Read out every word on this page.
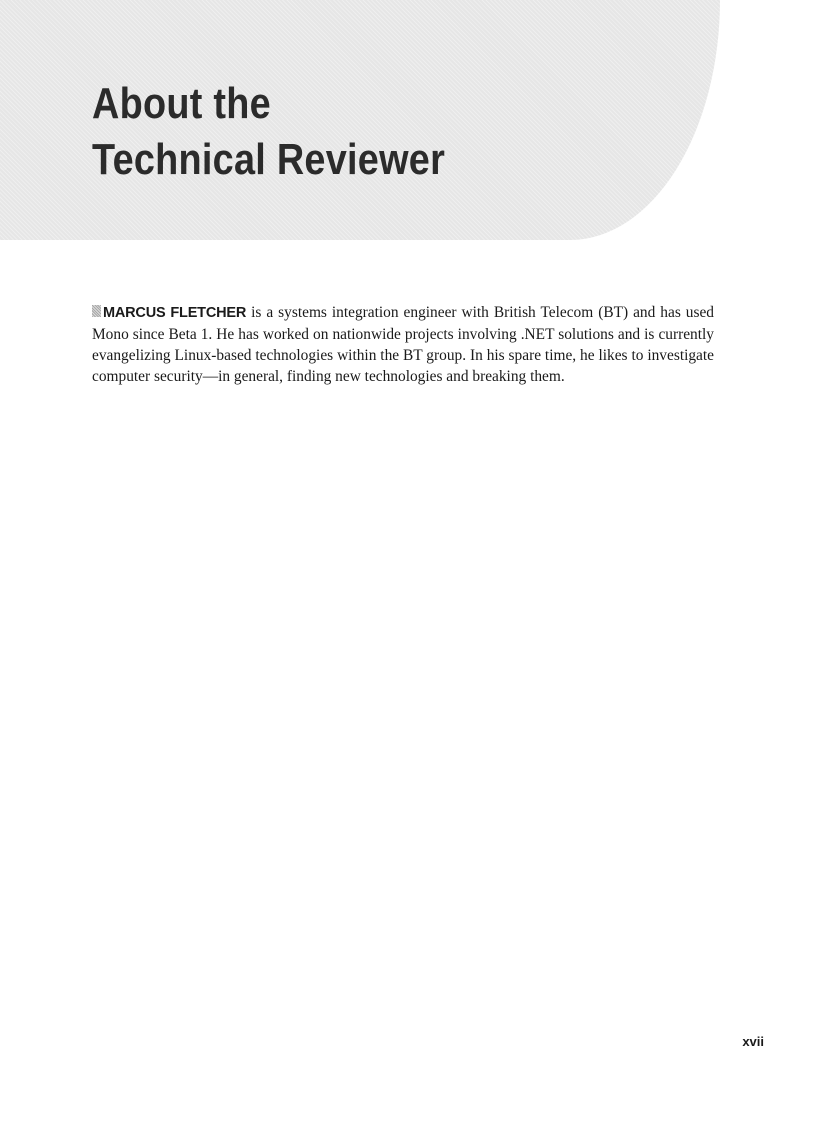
About the
Technical Reviewer

MARCUS FLETCHER is a systems integration engineer with British Telecom (BT) and has used Mono since Beta 1. He has worked on nationwide projects involving .NET solutions and is currently evangelizing Linux-based technologies within the BT group. In his spare time, he likes to investigate computer security—in general, finding new technologies and breaking them.

xvii
